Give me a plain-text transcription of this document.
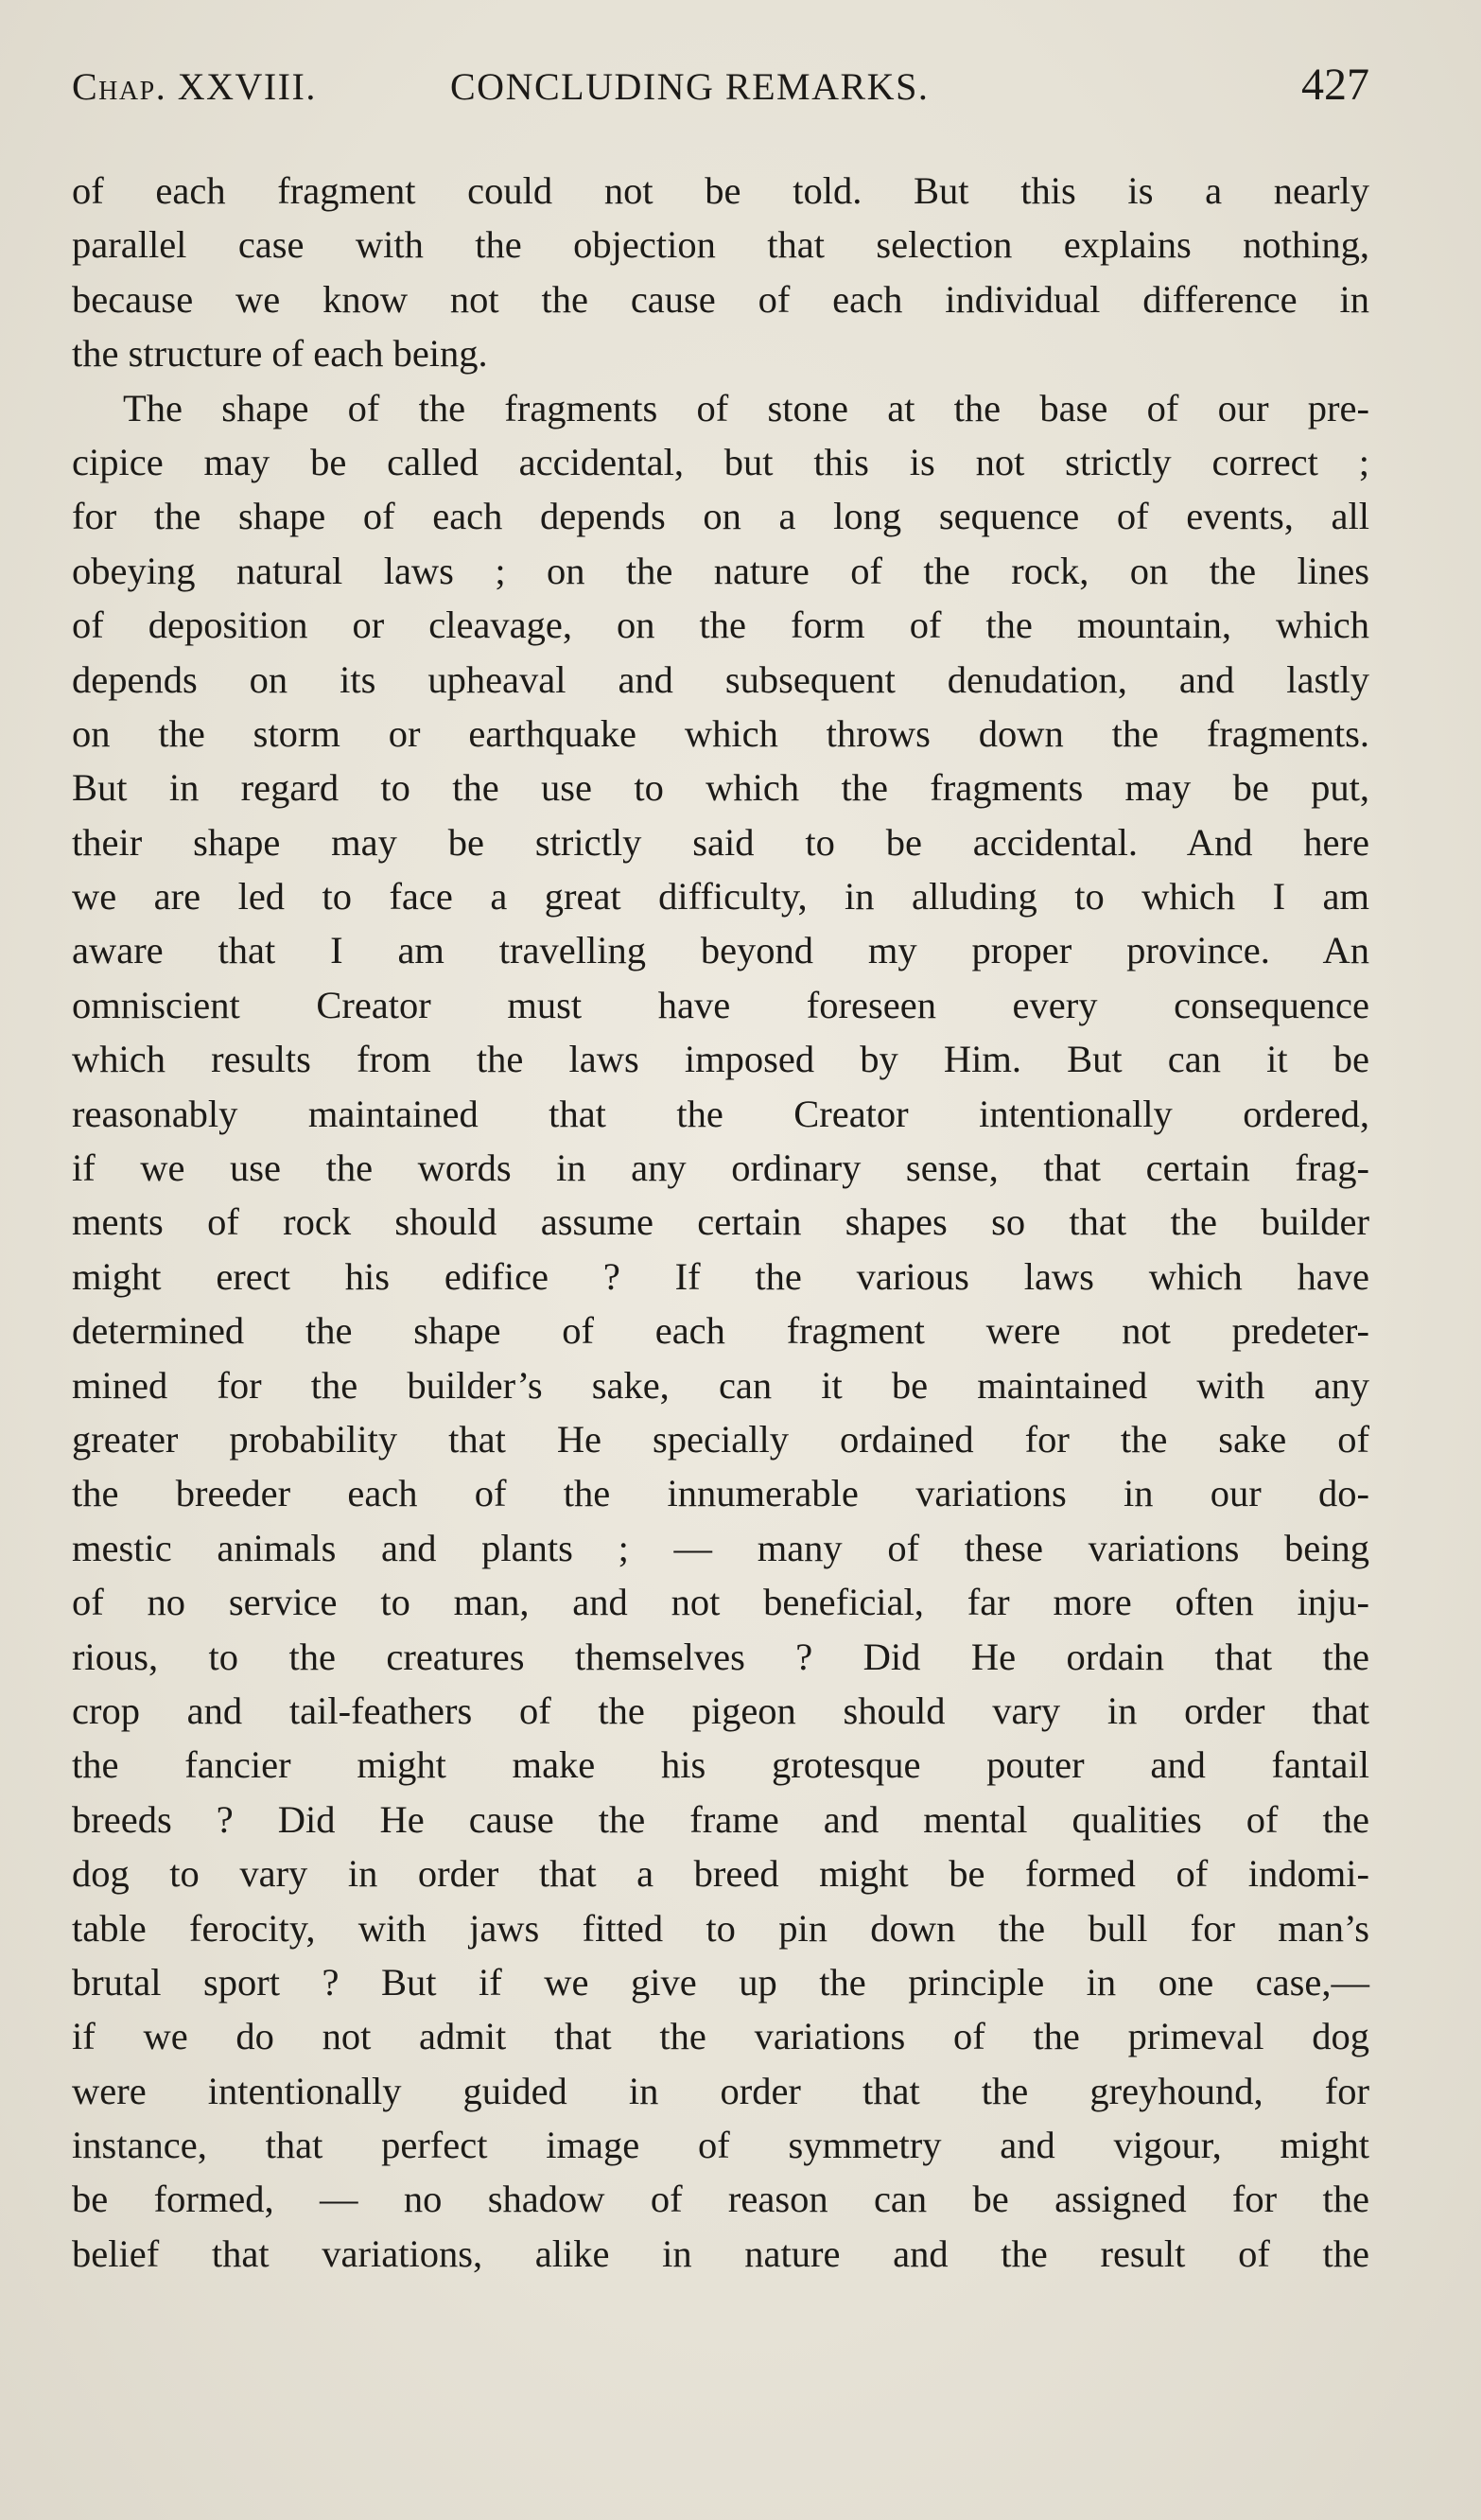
Chap. XXVIII.	CONCLUDING REMARKS.	427
of each fragment could not be told. But this is a nearly
parallel case with the objection that selection explains nothing,
because we know not the cause of each individual difference in
the structure of each being.
The shape of the fragments of stone at the base of our pre-
cipice may be called accidental, but this is not strictly correct ;
for the shape of each depends on a long sequence of events, all
obeying natural laws ; on the nature of the rock, on the lines
of deposition or cleavage, on the form of the mountain, which
depends on its upheaval and subsequent denudation, and lastly
on the storm or earthquake which throws down the fragments.
But in regard to the use to which the fragments may be put,
their shape may be strictly said to be accidental. And here
we are led to face a great difficulty, in alluding to which I am
aware that I am travelling beyond my proper province. An
omniscient Creator must have foreseen every consequence
which results from the laws imposed by Him. But can it be
reasonably maintained that the Creator intentionally ordered,
if we use the words in any ordinary sense, that certain frag-
ments of rock should assume certain shapes so that the builder
might erect his edifice ? If the various laws which have
determined the shape of each fragment were not predeter-
mined for the builder’s sake, can it be maintained with any
greater probability that He specially ordained for the sake of
the breeder each of the innumerable variations in our do-
mestic animals and plants ; — many of these variations being
of no service to man, and not beneficial, far more often inju-
rious, to the creatures themselves ? Did He ordain that the
crop and tail-feathers of the pigeon should vary in order that
the fancier might make his grotesque pouter and fantail
breeds ? Did He cause the frame and mental qualities of the
dog to vary in order that a breed might be formed of indomi-
table ferocity, with jaws fitted to pin down the bull for man’s
brutal sport ? But if we give up the principle in one case,—
if we do not admit that the variations of the primeval dog
were intentionally guided in order that the greyhound, for
instance, that perfect image of symmetry and vigour, might
be formed, — no shadow of reason can be assigned for the
belief that variations, alike in nature and the result of the
